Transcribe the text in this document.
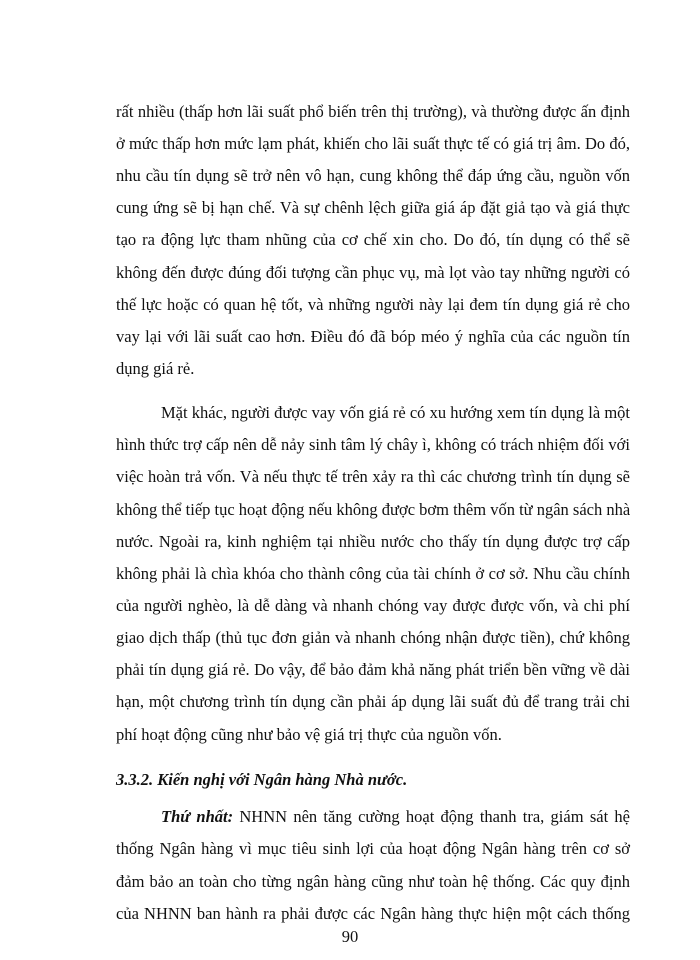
rất nhiều (thấp hơn lãi suất phổ biến trên thị trường), và thường được ấn định
ở mức thấp hơn mức lạm phát, khiến cho lãi suất thực tế có giá trị âm. Do đó,
nhu cầu tín dụng sẽ trở nên vô hạn, cung không thể đáp ứng cầu, nguồn vốn
cung ứng sẽ bị hạn chế. Và sự chênh lệch giữa giá áp đặt giả tạo và giá thực
tạo ra động lực tham nhũng của cơ chế xin cho. Do đó, tín dụng có thể sẽ
không đến được đúng đối tượng cần phục vụ, mà lọt vào tay những người có
thế lực hoặc có quan hệ tốt, và những người này lại đem tín dụng giá rẻ cho
vay lại với lãi suất cao hơn. Điều đó đã bóp méo ý nghĩa của các nguồn tín
dụng giá rẻ.
Mặt khác, người được vay vốn giá rẻ có xu hướng xem tín dụng là một
hình thức trợ cấp nên dễ nảy sinh tâm lý chây ì, không có trách nhiệm đối với
việc hoàn trả vốn. Và nếu thực tế trên xảy ra thì các chương trình tín dụng sẽ
không thể tiếp tục hoạt động nếu không được bơm thêm vốn từ ngân sách nhà
nước. Ngoài ra, kinh nghiệm tại nhiều nước cho thấy tín dụng được trợ cấp
không phải là chìa khóa cho thành công của tài chính ở cơ sở. Nhu cầu chính
của người nghèo, là dễ dàng và nhanh chóng vay được được vốn, và chi phí
giao dịch thấp (thủ tục đơn giản và nhanh chóng nhận được tiền), chứ không
phải tín dụng giá rẻ. Do vậy, để bảo đảm khả năng phát triển bền vững về dài
hạn, một chương trình tín dụng cần phải áp dụng lãi suất đủ để trang trải chi
phí hoạt động cũng như bảo vệ giá trị thực của nguồn vốn.
3.3.2. Kiến nghị với Ngân hàng Nhà nước.
Thứ nhất: NHNN nên tăng cường hoạt động thanh tra, giám sát hệ
thống Ngân hàng vì mục tiêu sinh lợi của hoạt động Ngân hàng trên cơ sở
đảm bảo an toàn cho từng ngân hàng cũng như toàn hệ thống. Các quy định
của NHNN ban hành ra phải được các Ngân hàng thực hiện một cách thống
90
